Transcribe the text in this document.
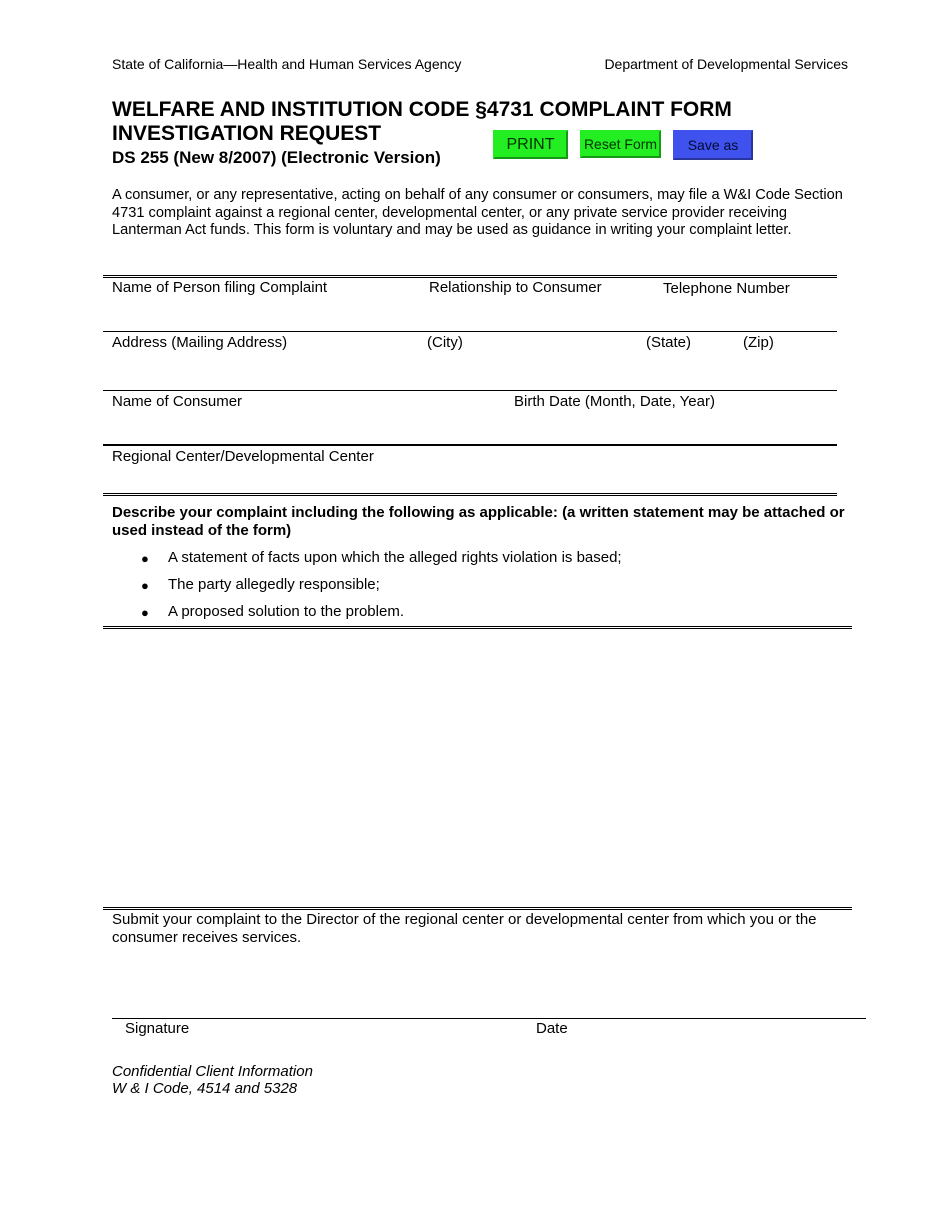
State of California—Health and Human Services Agency	Department of Developmental Services
WELFARE AND INSTITUTION CODE §4731 COMPLAINT FORM
INVESTIGATION REQUEST
DS 255 (New 8/2007) (Electronic Version)
PRINT	Reset Form	Save as
A consumer, or any representative, acting on behalf of any consumer or consumers, may file a W&I Code Section 4731 complaint against a regional center, developmental center, or any private service provider receiving Lanterman Act funds. This form is voluntary and may be used as guidance in writing your complaint letter.
Name of Person filing Complaint	Relationship to Consumer	Telephone Number
Address (Mailing Address)	(City)	(State)	(Zip)
Name of Consumer	Birth Date (Month, Date, Year)
Regional Center/Developmental Center
Describe your complaint including the following as applicable: (a written statement may be attached or used instead of the form)
● A statement of facts upon which the alleged rights violation is based;
● The party allegedly responsible;
● A proposed solution to the problem.
Submit your complaint to the Director of the regional center or developmental center from which you or the consumer receives services.
Signature	Date
Confidential Client Information
W & I Code, 4514 and 5328
